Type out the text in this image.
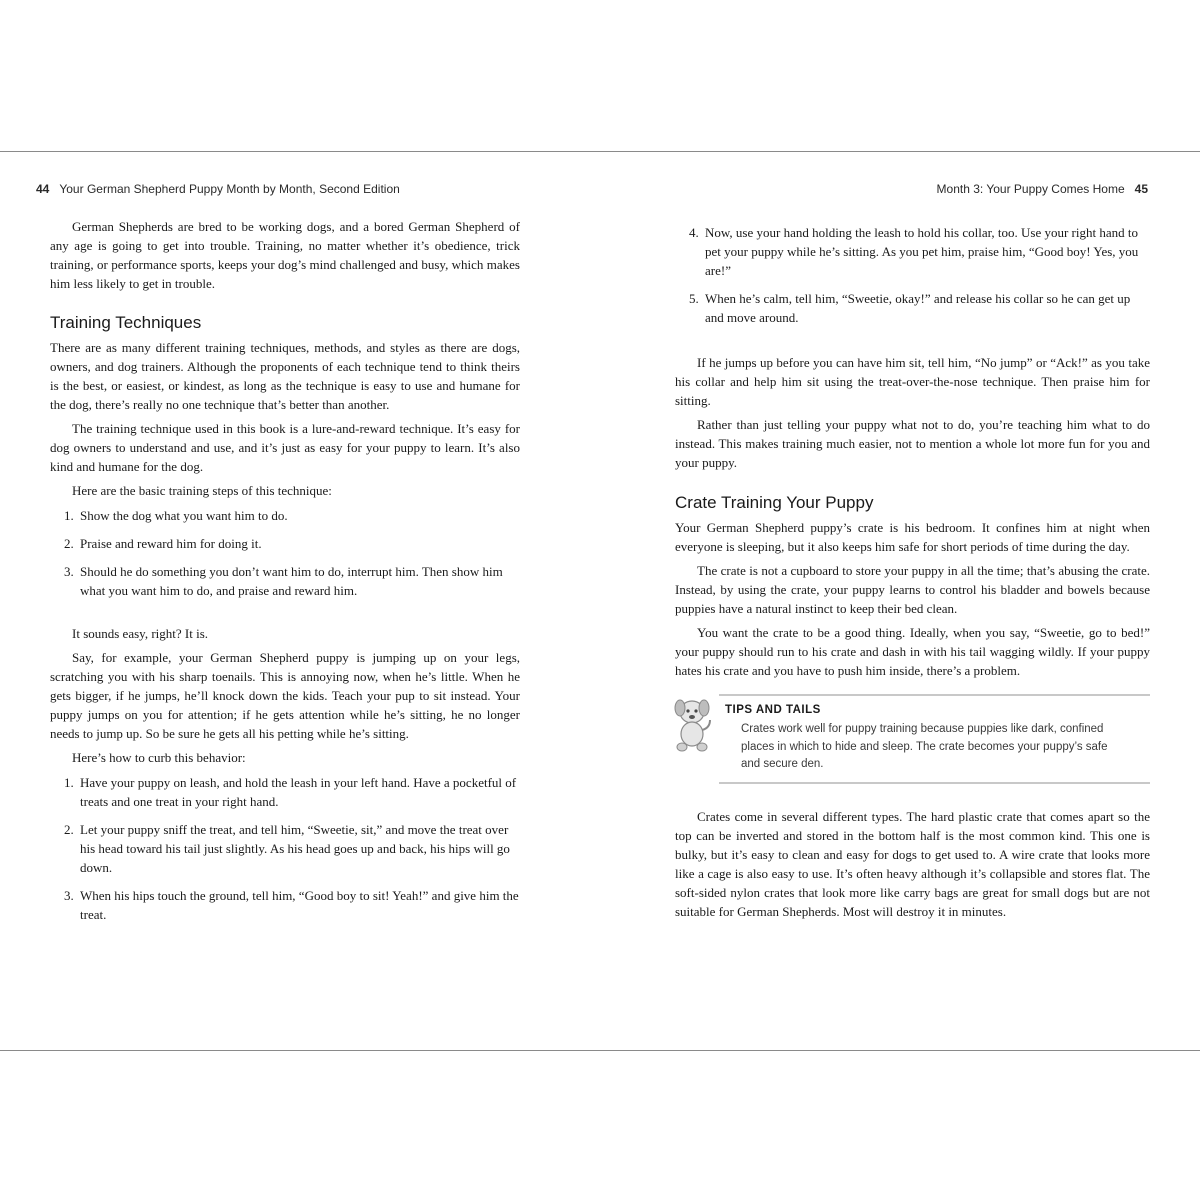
44 Your German Shepherd Puppy Month by Month, Second Edition	Month 3: Your Puppy Comes Home 45

German Shepherds are bred to be working dogs, and a bored German Shepherd of any age is going to get into trouble. Training, no matter whether it’s obedience, trick training, or performance sports, keeps your dog’s mind challenged and busy, which makes him less likely to get in trouble.

Training Techniques

There are as many different training techniques, methods, and styles as there are dogs, owners, and dog trainers. Although the proponents of each technique tend to think theirs is the best, or easiest, or kindest, as long as the technique is easy to use and humane for the dog, there’s really no one technique that’s better than another.

The training technique used in this book is a lure-and-reward technique. It’s easy for dog owners to understand and use, and it’s just as easy for your puppy to learn. It’s also kind and humane for the dog.

Here are the basic training steps of this technique:

1. Show the dog what you want him to do.
2. Praise and reward him for doing it.
3. Should he do something you don’t want him to do, interrupt him. Then show him what you want him to do, and praise and reward him.

It sounds easy, right? It is.

Say, for example, your German Shepherd puppy is jumping up on your legs, scratching you with his sharp toenails. This is annoying now, when he’s little. When he gets bigger, if he jumps, he’ll knock down the kids. Teach your pup to sit instead. Your puppy jumps on you for attention; if he gets attention while he’s sitting, he no longer needs to jump up. So be sure he gets all his petting while he’s sitting.

Here’s how to curb this behavior:

1. Have your puppy on leash, and hold the leash in your left hand. Have a pocketful of treats and one treat in your right hand.
2. Let your puppy sniff the treat, and tell him, “Sweetie, sit,” and move the treat over his head toward his tail just slightly. As his head goes up and back, his hips will go down.
3. When his hips touch the ground, tell him, “Good boy to sit! Yeah!” and give him the treat.
4. Now, use your hand holding the leash to hold his collar, too. Use your right hand to pet your puppy while he’s sitting. As you pet him, praise him, “Good boy! Yes, you are!”
5. When he’s calm, tell him, “Sweetie, okay!” and release his collar so he can get up and move around.

If he jumps up before you can have him sit, tell him, “No jump” or “Ack!” as you take his collar and help him sit using the treat-over-the-nose technique. Then praise him for sitting.

Rather than just telling your puppy what not to do, you’re teaching him what to do instead. This makes training much easier, not to mention a whole lot more fun for you and your puppy.

Crate Training Your Puppy

Your German Shepherd puppy’s crate is his bedroom. It confines him at night when everyone is sleeping, but it also keeps him safe for short periods of time during the day.

The crate is not a cupboard to store your puppy in all the time; that’s abusing the crate. Instead, by using the crate, your puppy learns to control his bladder and bowels because puppies have a natural instinct to keep their bed clean.

You want the crate to be a good thing. Ideally, when you say, “Sweetie, go to bed!” your puppy should run to his crate and dash in with his tail wagging wildly. If your puppy hates his crate and you have to push him inside, there’s a problem.

TIPS AND TAILS
Crates work well for puppy training because puppies like dark, confined places in which to hide and sleep. The crate becomes your puppy’s safe and secure den.

Crates come in several different types. The hard plastic crate that comes apart so the top can be inverted and stored in the bottom half is the most common kind. This one is bulky, but it’s easy to clean and easy for dogs to get used to. A wire crate that looks more like a cage is also easy to use. It’s often heavy although it’s collapsible and stores flat. The soft-sided nylon crates that look more like carry bags are great for small dogs but are not suitable for German Shepherds. Most will destroy it in minutes.
